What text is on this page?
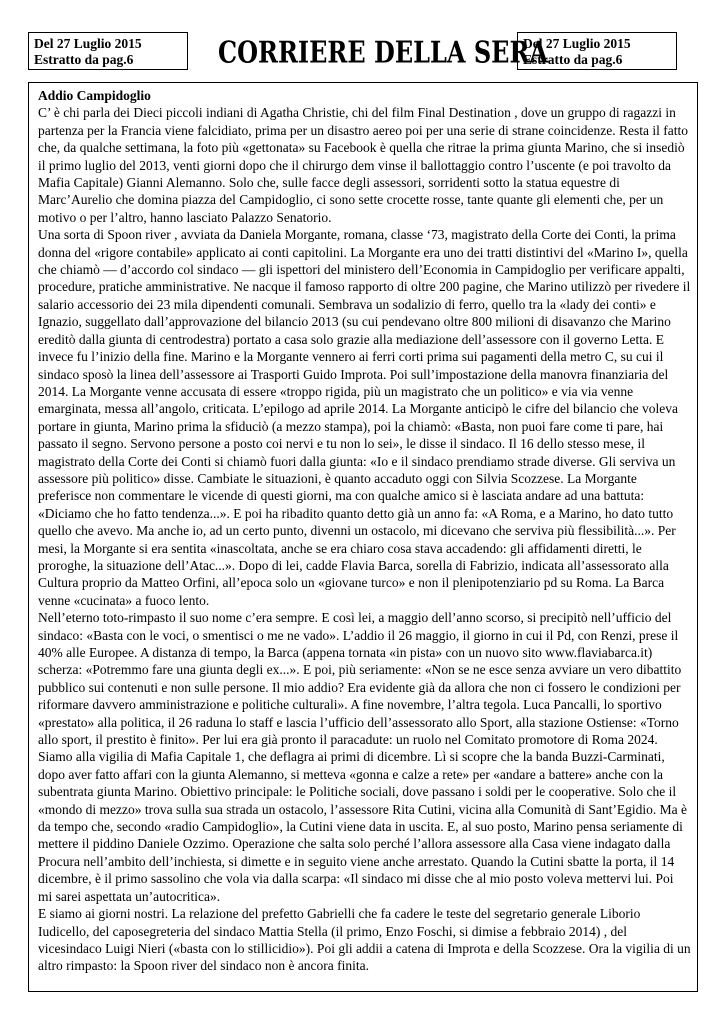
Del 27 Luglio 2015
Estratto da pag.6	CORRIERE DELLA SERA
Del 27 Luglio 2015
Estratto da pag.6

Addio Campidoglio

C’ è chi parla dei Dieci piccoli indiani di Agatha Christie, chi del film Final Destination , dove un gruppo di ragazzi in partenza per la Francia viene falcidiato, prima per un disastro aereo poi per una serie di strane coincidenze. Resta il fatto che, da qualche settimana, la foto più «gettonata» su Facebook è quella che ritrae la prima giunta Marino, che si insediò il primo luglio del 2013, venti giorni dopo che il chirurgo dem vinse il ballottaggio contro l’uscente (e poi travolto da Mafia Capitale) Gianni Alemanno. Solo che, sulle facce degli assessori, sorridenti sotto la statua equestre di Marc’Aurelio che domina piazza del Campidoglio, ci sono sette crocette rosse, tante quante gli elementi che, per un motivo o per l’altro, hanno lasciato Palazzo Senatorio.

Una sorta di Spoon river , avviata da Daniela Morgante, romana, classe ‘73, magistrato della Corte dei Conti, la prima donna del «rigore contabile» applicato ai conti capitolini. La Morgante era uno dei tratti distintivi del «Marino I», quella che chiamò — d’accordo col sindaco — gli ispettori del ministero dell’Economia in Campidoglio per verificare appalti, procedure, pratiche amministrative. Ne nacque il famoso rapporto di oltre 200 pagine, che Marino utilizzò per rivedere il salario accessorio dei 23 mila dipendenti comunali. Sembrava un sodalizio di ferro, quello tra la «lady dei conti» e Ignazio, suggellato dall’approvazione del bilancio 2013 (su cui pendevano oltre 800 milioni di disavanzo che Marino ereditò dalla giunta di centrodestra) portato a casa solo grazie alla mediazione dell’assessore con il governo Letta. E invece fu l’inizio della fine. Marino e la Morgante vennero ai ferri corti prima sui pagamenti della metro C, su cui il sindaco sposò la linea dell’assessore ai Trasporti Guido Improta. Poi sull’impostazione della manovra finanziaria del 2014. La Morgante venne accusata di essere «troppo rigida, più un magistrato che un politico» e via via venne emarginata, messa all’angolo, criticata. L’epilogo ad aprile 2014. La Morgante anticipò le cifre del bilancio che voleva portare in giunta, Marino prima la sfiduciò (a mezzo stampa), poi la chiamò: «Basta, non puoi fare come ti pare, hai passato il segno. Servono persone a posto coi nervi e tu non lo sei», le disse il sindaco. Il 16 dello stesso mese, il magistrato della Corte dei Conti si chiamò fuori dalla giunta: «Io e il sindaco prendiamo strade diverse. Gli serviva un assessore più politico» disse. Cambiate le situazioni, è quanto accaduto oggi con Silvia Scozzese. La Morgante preferisce non commentare le vicende di questi giorni, ma con qualche amico si è lasciata andare ad una battuta: «Diciamo che ho fatto tendenza...». E poi ha ribadito quanto detto già un anno fa: «A Roma, e a Marino, ho dato tutto quello che avevo. Ma anche io, ad un certo punto, divenni un ostacolo, mi dicevano che serviva più flessibilità...». Per mesi, la Morgante si era sentita «inascoltata, anche se era chiaro cosa stava accadendo: gli affidamenti diretti, le proroghe, la situazione dell’Atac...». Dopo di lei, cadde Flavia Barca, sorella di Fabrizio, indicata all’assessorato alla Cultura proprio da Matteo Orfini, all’epoca solo un «giovane turco» e non il plenipotenziario pd su Roma. La Barca venne «cucinata» a fuoco lento.

Nell’eterno toto-rimpasto il suo nome c’era sempre. E così lei, a maggio dell’anno scorso, si precipitò nell’ufficio del sindaco: «Basta con le voci, o smentisci o me ne vado». L’addio il 26 maggio, il giorno in cui il Pd, con Renzi, prese il 40% alle Europee. A distanza di tempo, la Barca (appena tornata «in pista» con un nuovo sito www.flaviabarca.it) scherza: «Potremmo fare una giunta degli ex...». E poi, più seriamente: «Non se ne esce senza avviare un vero dibattito pubblico sui contenuti e non sulle persone. Il mio addio? Era evidente già da allora che non ci fossero le condizioni per riformare davvero amministrazione e politiche culturali». A fine novembre, l’altra tegola. Luca Pancalli, lo sportivo «prestato» alla politica, il 26 raduna lo staff e lascia l’ufficio dell’assessorato allo Sport, alla stazione Ostiense: «Torno allo sport, il prestito è finito». Per lui era già pronto il paracadute: un ruolo nel Comitato promotore di Roma 2024. Siamo alla vigilia di Mafia Capitale 1, che deflagra ai primi di dicembre. Lì si scopre che la banda Buzzi-Carminati, dopo aver fatto affari con la giunta Alemanno, si metteva «gonna e calze a rete» per «andare a battere» anche con la subentrata giunta Marino. Obiettivo principale: le Politiche sociali, dove passano i soldi per le cooperative. Solo che il «mondo di mezzo» trova sulla sua strada un ostacolo, l’assessore Rita Cutini, vicina alla Comunità di Sant’Egidio. Ma è da tempo che, secondo «radio Campidoglio», la Cutini viene data in uscita. E, al suo posto, Marino pensa seriamente di mettere il piddino Daniele Ozzimo. Operazione che salta solo perché l’allora assessore alla Casa viene indagato dalla Procura nell’ambito dell’inchiesta, si dimette e in seguito viene anche arrestato. Quando la Cutini sbatte la porta, il 14 dicembre, è il primo sassolino che vola via dalla scarpa: «Il sindaco mi disse che al mio posto voleva mettervi lui. Poi mi sarei aspettata un’autocritica».

E siamo ai giorni nostri. La relazione del prefetto Gabrielli che fa cadere le teste del segretario generale Liborio Iudicello, del caposegreteria del sindaco Mattia Stella (il primo, Enzo Foschi, si dimise a febbraio 2014) , del vicesindaco Luigi Nieri («basta con lo stillicidio»). Poi gli addii a catena di Improta e della Scozzese. Ora la vigilia di un altro rimpasto: la Spoon river del sindaco non è ancora finita.
